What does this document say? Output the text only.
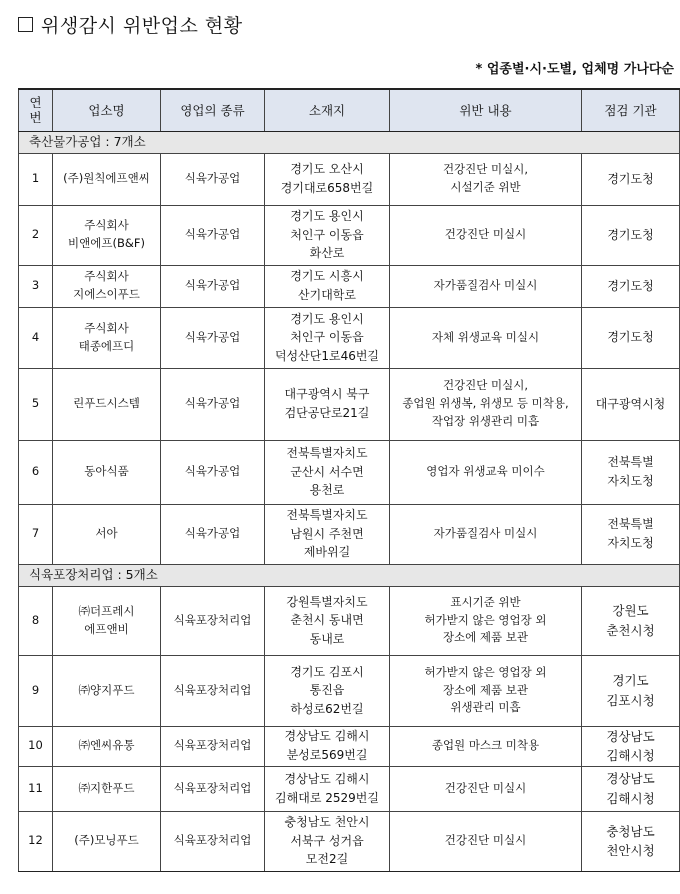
위생감시 위반업소 현황
* 업종별·시·도별, 업체명 가나다순
연
번	업소명	영업의 종류	소재지	위반 내용	점검 기관
축산물가공업 : 7개소					
1	(주)원칙에프앤씨	식육가공업	경기도 오산시
경기대로658번길	건강진단 미실시,
시설기준 위반	경기도청

2	주식회사
비앤에프(B&F)	식육가공업	경기도 용인시
처인구 이동읍
화산로	건강진단 미실시	경기도청

3	주식회사
지에스이푸드	식육가공업	경기도 시흥시
산기대학로	자가품질검사 미실시	경기도청

4	주식회사
태종에프디	식육가공업	경기도 용인시
처인구 이동읍
덕성산단1로46번길	자체 위생교육 미실시	경기도청

5	린푸드시스템	식육가공업	대구광역시 북구
검단공단로21길	건강진단 미실시,
종업원 위생복, 위생모 등 미착용,
작업장 위생관리 미흡	대구광역시청

6	동아식품	식육가공업	전북특별자치도
군산시 서수면
용천로	영업자 위생교육 미이수	전북특별
자치도청

7	서아	식육가공업	전북특별자치도
남원시 주천면
제바위길	자가품질검사 미실시	전북특별
자치도청

식육포장처리업 : 5개소					
8	㈜더프레시
에프앤비	식육포장처리업	강원특별자치도
춘천시 동내면
동내로	표시기준 위반
허가받지 않은 영업장 외
장소에 제품 보관	강원도
춘천시청

9	㈜양지푸드	식육포장처리업	경기도 김포시
통진읍
하성로62번길	허가받지 않은 영업장 외
장소에 제품 보관
위생관리 미흡	경기도
김포시청

10	㈜엔씨유통	식육포장처리업	경상남도 김해시
분성로569번길	종업원 마스크 미착용	경상남도
김해시청

11	㈜지한푸드	식육포장처리업	경상남도 김해시
김해대로 2529번길	건강진단 미실시	경상남도
김해시청

12	(주)모닝푸드	식육포장처리업	충청남도 천안시
서북구 성거읍
모전2길	건강진단 미실시	충청남도
천안시청
